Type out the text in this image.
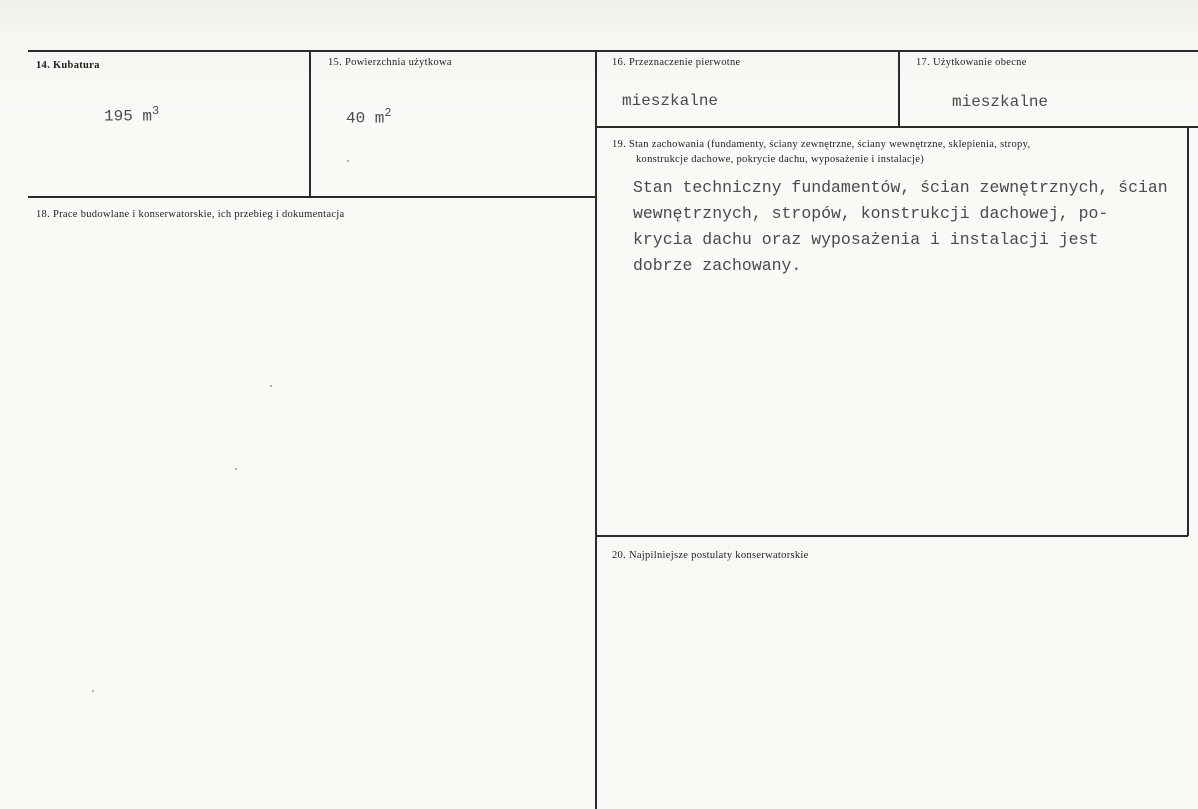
14. Kubatura
195 $m^3$
15. Powierzchnia użytkowa
40 $m^2$
16. Przeznaczenie pierwotne
mieszkalne
17. Użytkowanie obecne
mieszkalne
18. Prace budowlane i konserwatorskie, ich przebieg i dokumentacja
19. Stan zachowania (fundamenty, ściany zewnętrzne, ściany wewnętrzne, sklepienia, stropy,
konstrukcje dachowe, pokrycie dachu, wyposażenie i instalacje)
Stan techniczny fundamentów, ścian zewnętrznych, ścian
wewnętrznych, stropów, konstrukcji dachowej, po-
krycia dachu oraz wyposażenia i instalacji jest
dobrze zachowany.
20. Najpilniejsze postulaty konserwatorskie
